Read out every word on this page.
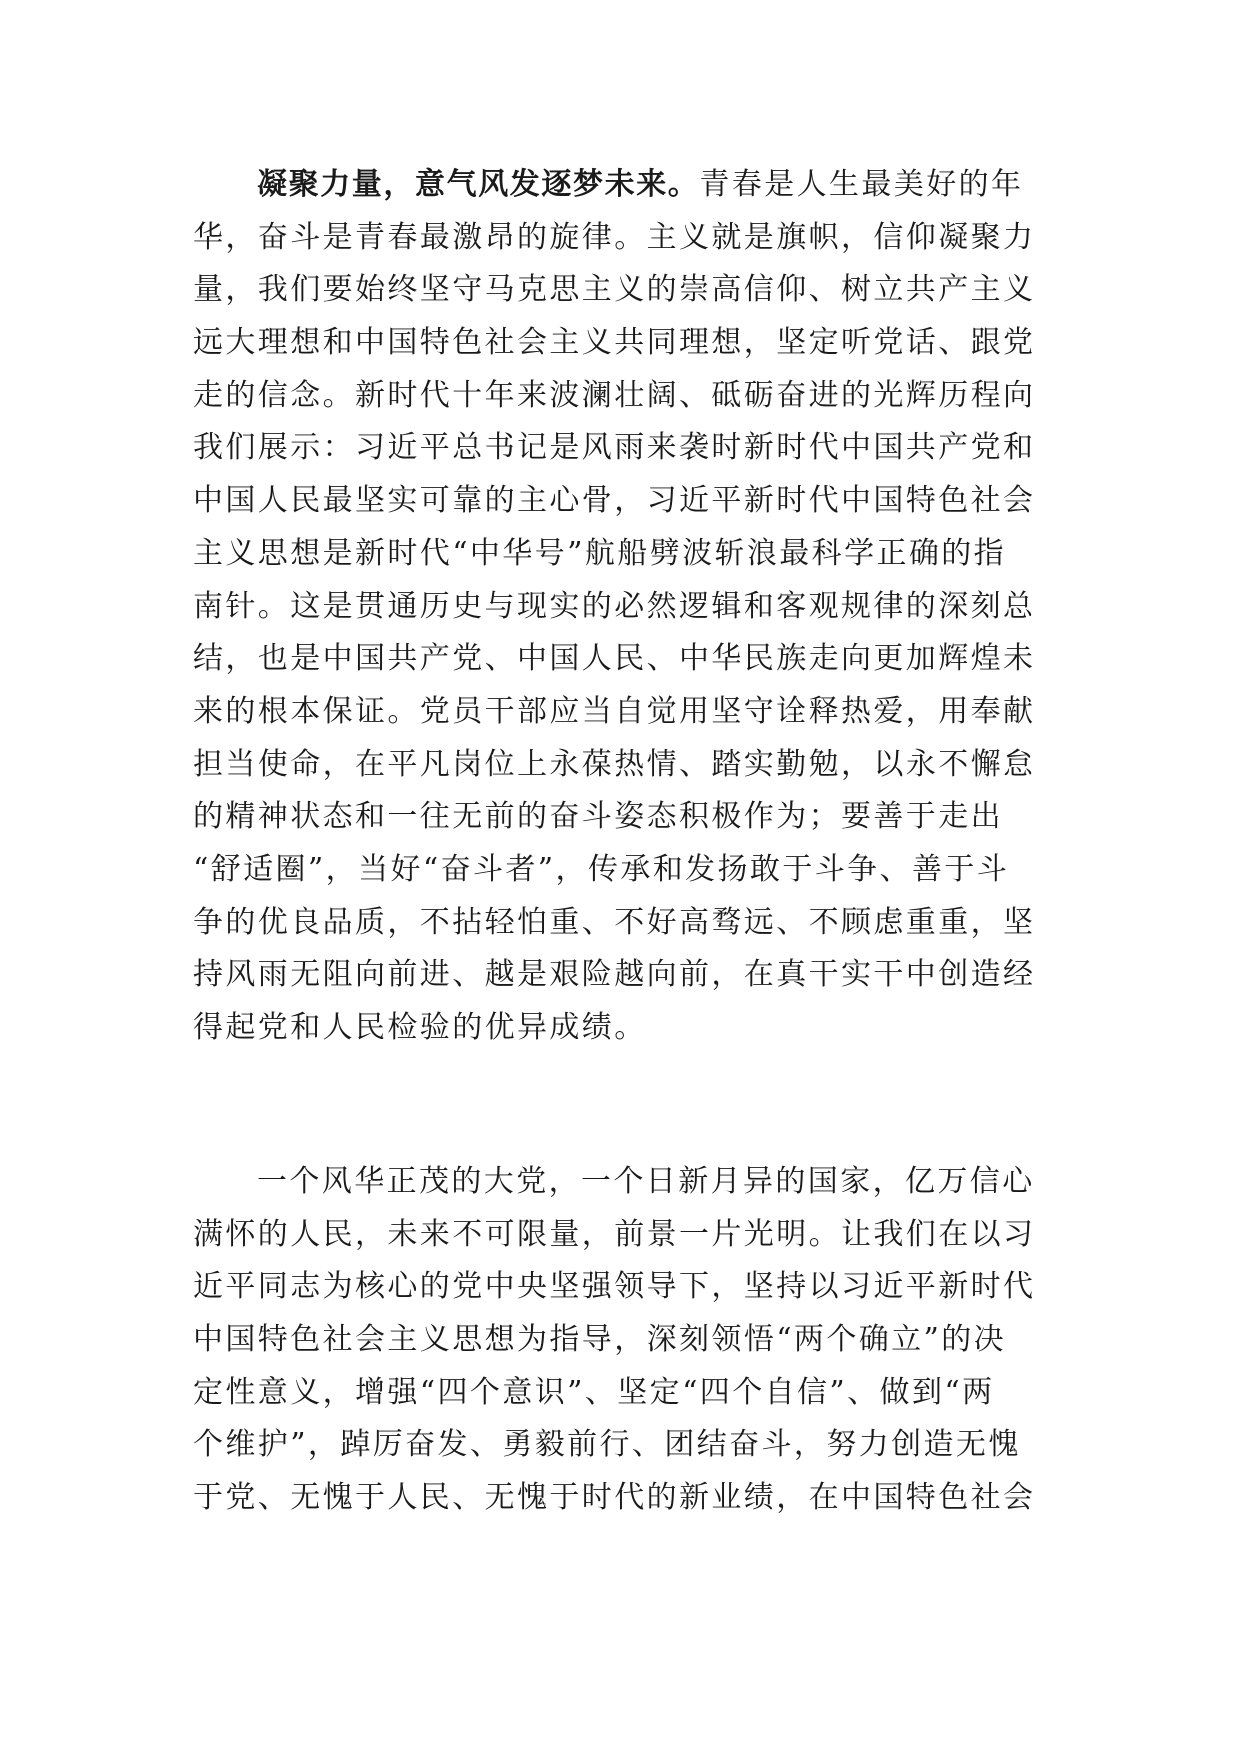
凝聚力量，意气风发逐梦未来。青春是人生最美好的年
华，奋斗是青春最激昂的旋律。主义就是旗帜，信仰凝聚力
量，我们要始终坚守马克思主义的崇高信仰、树立共产主义
远大理想和中国特色社会主义共同理想，坚定听党话、跟党
走的信念。新时代十年来波澜壮阔、砥砺奋进的光辉历程向
我们展示：习近平总书记是风雨来袭时新时代中国共产党和
中国人民最坚实可靠的主心骨，习近平新时代中国特色社会
主义思想是新时代“中华号”航船劈波斩浪最科学正确的指
南针。这是贯通历史与现实的必然逻辑和客观规律的深刻总
结，也是中国共产党、中国人民、中华民族走向更加辉煌未
来的根本保证。党员干部应当自觉用坚守诠释热爱，用奉献
担当使命，在平凡岗位上永葆热情、踏实勤勉，以永不懈怠
的精神状态和一往无前的奋斗姿态积极作为；要善于走出
“舒适圈”，当好“奋斗者”，传承和发扬敢于斗争、善于斗
争的优良品质，不拈轻怕重、不好高骛远、不顾虑重重，坚
持风雨无阻向前进、越是艰险越向前，在真干实干中创造经
得起党和人民检验的优异成绩。
一个风华正茂的大党，一个日新月异的国家，亿万信心
满怀的人民，未来不可限量，前景一片光明。让我们在以习
近平同志为核心的党中央坚强领导下，坚持以习近平新时代
中国特色社会主义思想为指导，深刻领悟“两个确立”的决
定性意义，增强“四个意识”、坚定“四个自信”、做到“两
个维护”，踔厉奋发、勇毅前行、团结奋斗，努力创造无愧
于党、无愧于人民、无愧于时代的新业绩，在中国特色社会
